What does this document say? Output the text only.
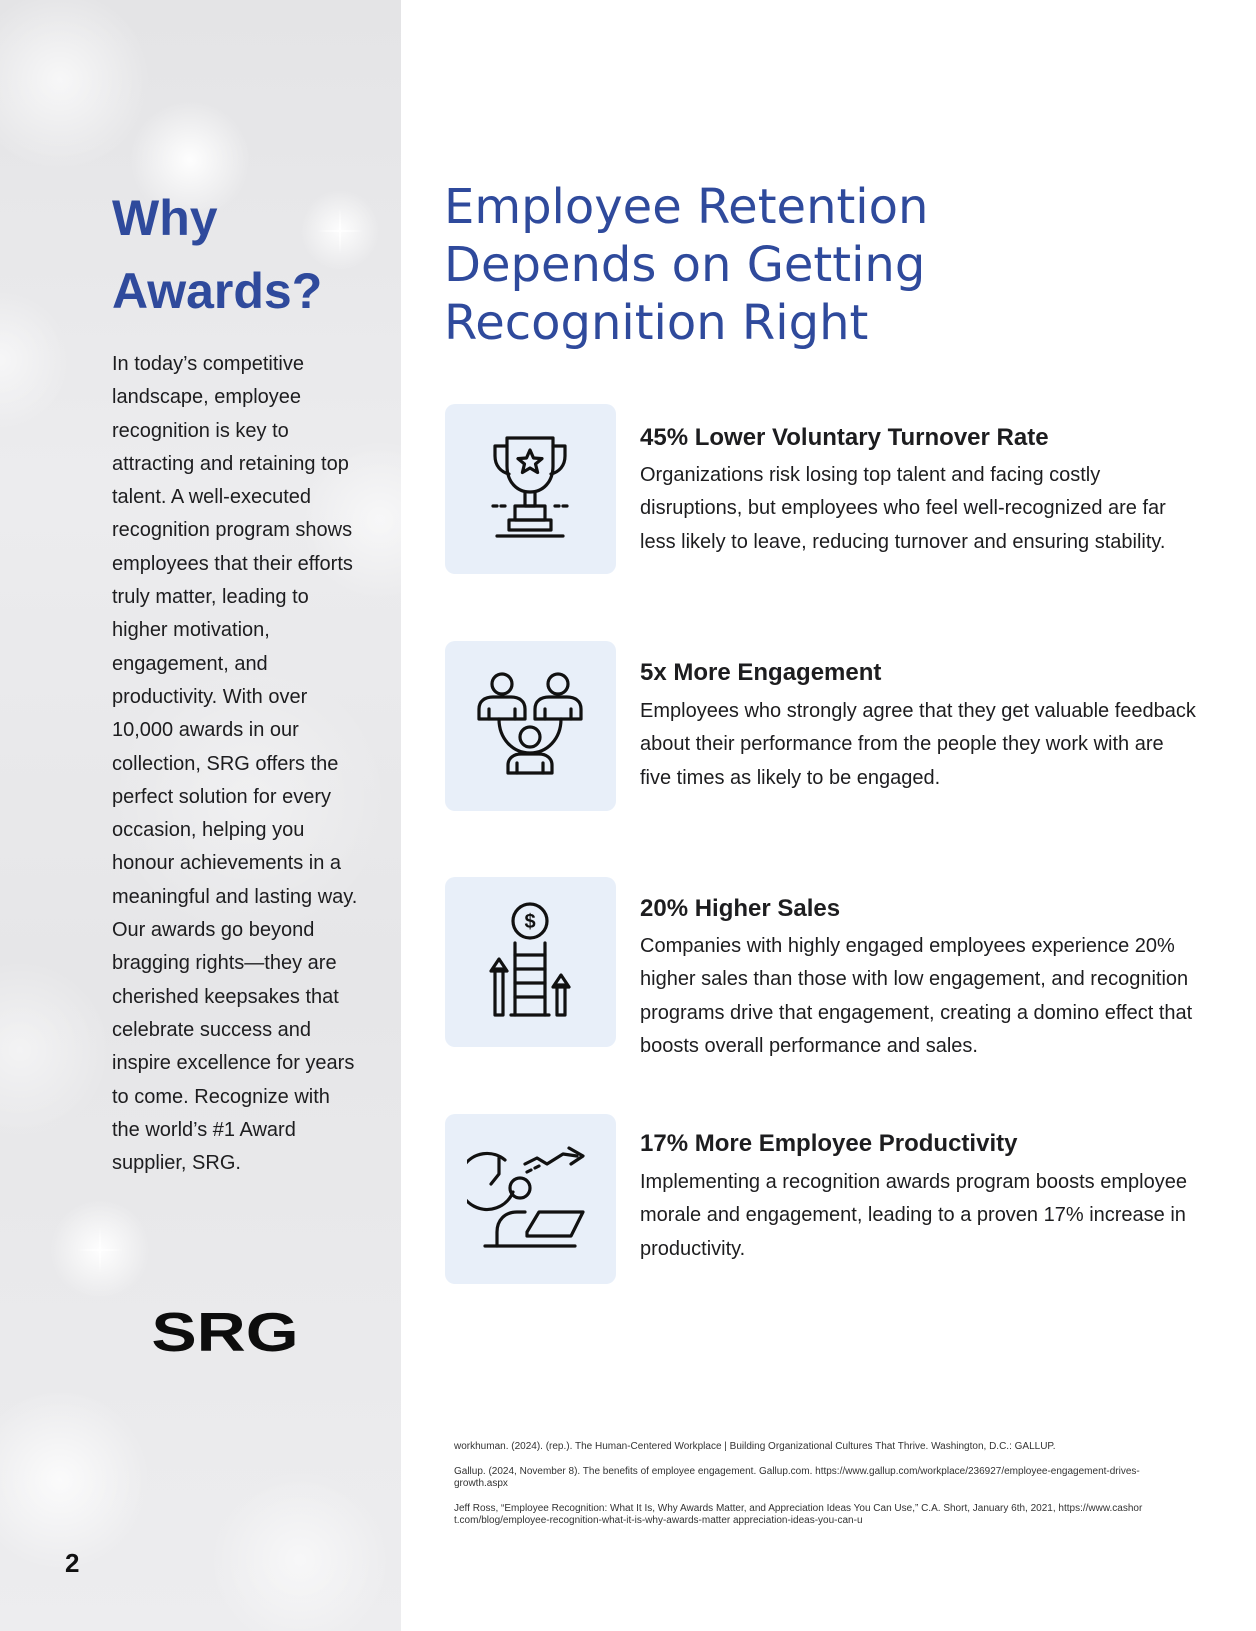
Why
Awards?

In today’s competitive landscape, employee recognition is key to attracting and retaining top talent. A well-executed recognition program shows employees that their efforts truly matter, leading to higher motivation, engagement, and productivity. With over 10,000 awards in our collection, SRG offers the perfect solution for every occasion, helping you honour achievements in a meaningful and lasting way. Our awards go beyond bragging rights—they are cherished keepsakes that celebrate success and inspire excellence for years to come. Recognize with the world’s #1 Award supplier, SRG.

SRG
2
Employee Retention
Depends on Getting
Recognition Right
45% Lower Voluntary Turnover Rate

Organizations risk losing top talent and facing costly disruptions, but employees who feel well-recognized are far less likely to leave, reducing turnover and ensuring stability.

5x More Engagement

Employees who strongly agree that they get valuable feedback about their performance from the people they work with are five times as likely to be engaged.

$	20% Higher Sales

Companies with highly engaged employees experience 20% higher sales than those with low engagement, and recognition programs drive that engagement, creating a domino effect that boosts overall performance and sales.

17% More Employee Productivity

Implementing a recognition awards program boosts employee morale and engagement, leading to a proven 17% increase in productivity.

workhuman. (2024). (rep.). The Human-Centered Workplace | Building Organizational Cultures That Thrive. Washington, D.C.: GALLUP.

Gallup. (2024, November 8). The benefits of employee engagement. Gallup.com. https://www.gallup.com/workplace/236927/employee-engagement-drives-growth.aspx

Jeff Ross, “Employee Recognition: What It Is, Why Awards Matter, and Appreciation Ideas You Can Use,” C.A. Short, January 6th, 2021, https://www.cashort.com/blog/employee-recognition-what-it-is-why-awards-matter appreciation-ideas-you-can-u
